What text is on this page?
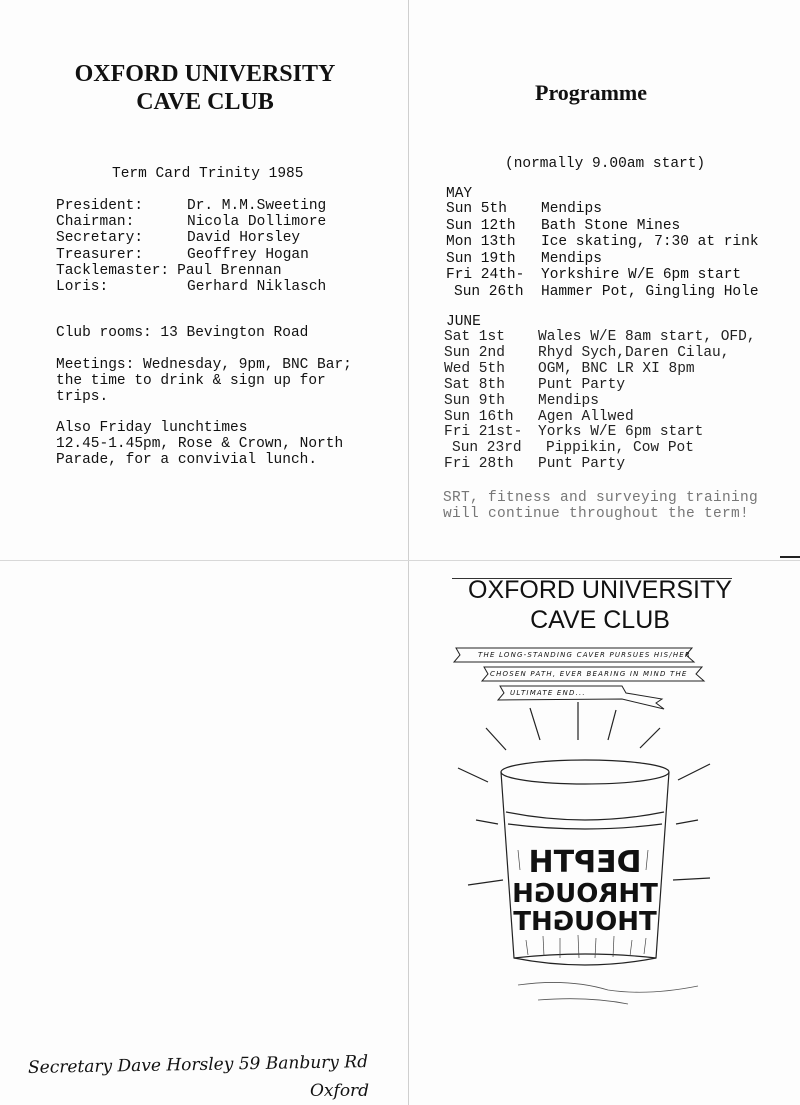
OXFORD UNIVERSITY
CAVE CLUB
Term Card Trinity 1985
President:	Dr. M.M.Sweeting
Chairman:	Nicola Dollimore
Secretary:	David Horsley
Treasurer:	Geoffrey Hogan
Tacklemaster: Paul Brennan
Loris:	Gerhard Niklasch
Club rooms: 13 Bevington Road
Meetings: Wednesday, 9pm, BNC Bar;
the time to drink & sign up for
trips.
Also Friday lunchtimes
12.45-1.45pm, Rose & Crown, North
Parade, for a convivial lunch.
Programme
(normally 9.00am start)
MAY
Sun 5th	Mendips
Sun 12th	Bath Stone Mines
Mon 13th	Ice skating, 7:30 at rink
Sun 19th	Mendips
Fri 24th-	Yorkshire W/E 6pm start
Sun 26th	Hammer Pot, Gingling Hole
JUNE
Sat 1st	Wales W/E 8am start, OFD,
Sun 2nd	Rhyd Sych,Daren Cilau,
Wed 5th	OGM, BNC LR XI 8pm
Sat 8th	Punt Party
Sun 9th	Mendips
Sun 16th	Agen Allwed
Fri 21st-	Yorks W/E 6pm start
Sun 23rd	Pippikin, Cow Pot
Fri 28th	Punt Party
SRT, fitness and surveying training
will continue throughout the term!
OXFORD UNIVERSITY
CAVE CLUB
THE LONG-STANDING CAVER PURSUES HIS/HER
CHOSEN PATH, EVER BEARING IN MIND THE
ULTIMATE END...
DEPTH
THROUGH
THOUGHT
Secretary Dave Horsley 59 Banbury Rd
Oxford
